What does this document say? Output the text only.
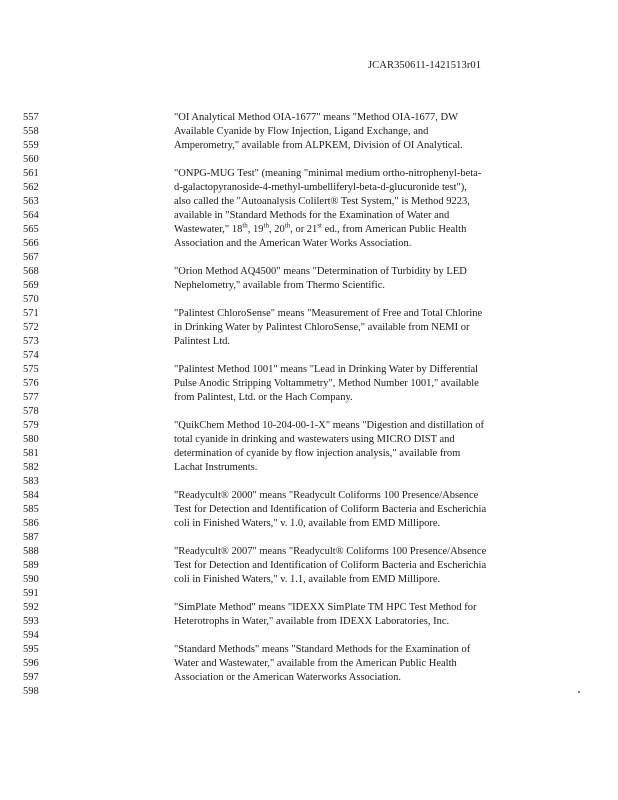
JCAR350611-1421513r01
557
558
559
560
561
562
563
564
565
566
567
568
569
570
571
572
573
574
575
576
577
578
579
580
581
582
583
584
585
586
587
588
589
590
591
592
593
594
595
596
597
598
"OI Analytical Method OIA-1677" means "Method OIA-1677, DW
Available Cyanide by Flow Injection, Ligand Exchange, and
Amperometry," available from ALPKEM, Division of OI Analytical.
"ONPG-MUG Test" (meaning "minimal medium ortho-nitrophenyl-beta-
d-galactopyranoside-4-methyl-umbelliferyl-beta-d-glucuronide test"),
also called the "Autoanalysis Colilert® Test System," is Method 9223,
available in "Standard Methods for the Examination of Water and
Wastewater," 18th, 19th, 20th, or 21st ed., from American Public Health
Association and the American Water Works Association.
"Orion Method AQ4500" means "Determination of Turbidity by LED
Nephelometry," available from Thermo Scientific.
"Palintest ChloroSense" means "Measurement of Free and Total Chlorine
in Drinking Water by Palintest ChloroSense," available from NEMI or
Palintest Ltd.
"Palintest Method 1001" means "Lead in Drinking Water by Differential
Pulse Anodic Stripping Voltammetry", Method Number 1001," available
from Palintest, Ltd. or the Hach Company.
"QuikChem Method 10-204-00-1-X" means "Digestion and distillation of
total cyanide in drinking and wastewaters using MICRO DIST and
determination of cyanide by flow injection analysis," available from
Lachat Instruments.
"Readycult® 2000" means "Readycult Coliforms 100 Presence/Absence
Test for Detection and Identification of Coliform Bacteria and Escherichia
coli in Finished Waters," v. 1.0, available from EMD Millipore.
"Readycult® 2007" means "Readycult® Coliforms 100 Presence/Absence
Test for Detection and Identification of Coliform Bacteria and Escherichia
coli in Finished Waters," v. 1.1, available from EMD Millipore.
"SimPlate Method" means "IDEXX SimPlate TM HPC Test Method for
Heterotrophs in Water," available from IDEXX Laboratories, Inc.
"Standard Methods" means "Standard Methods for the Examination of
Water and Wastewater," available from the American Public Health
Association or the American Waterworks Association.
